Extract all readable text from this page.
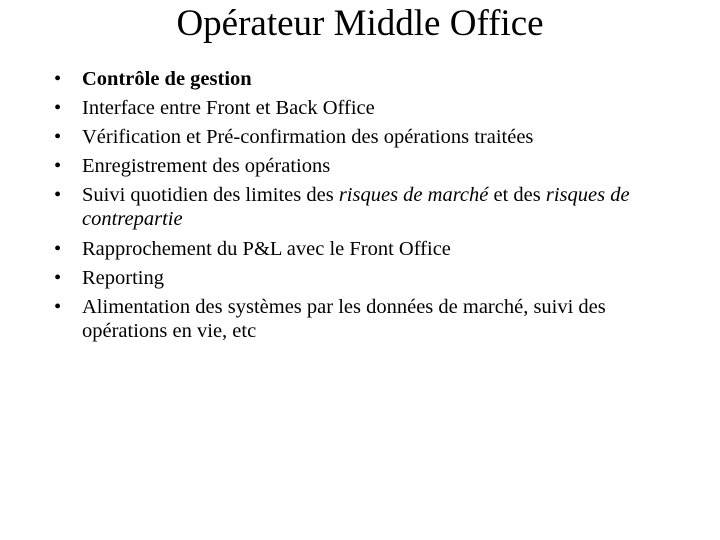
Opérateur Middle Office
•	Contrôle de gestion
•	Interface entre Front et Back Office
•	Vérification et Pré-confirmation des opérations traitées
•	Enregistrement des opérations
•	Suivi quotidien des limites des risques de marché et des risques de contrepartie
•	Rapprochement du P&L avec le Front Office
•	Reporting
•	Alimentation des systèmes par les données de marché, suivi des opérations en vie, etc
